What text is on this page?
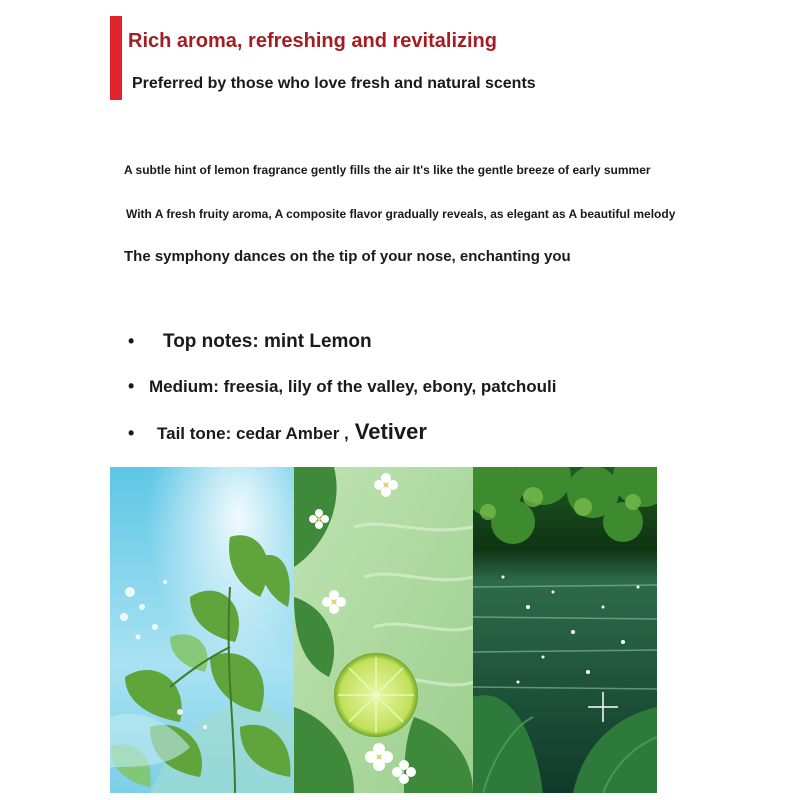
Rich aroma, refreshing and revitalizing
Preferred by those who love fresh and natural scents
A subtle hint of lemon fragrance gently fills the air It's like the gentle breeze of early summer
With A fresh fruity aroma, A composite flavor gradually reveals, as elegant as A beautiful melody
The symphony dances on the tip of your nose, enchanting you
•	Top notes: mint Lemon
• Medium: freesia, lily of the valley, ebony, patchouli
•	Tail tone: cedar Amber , Vetiver
